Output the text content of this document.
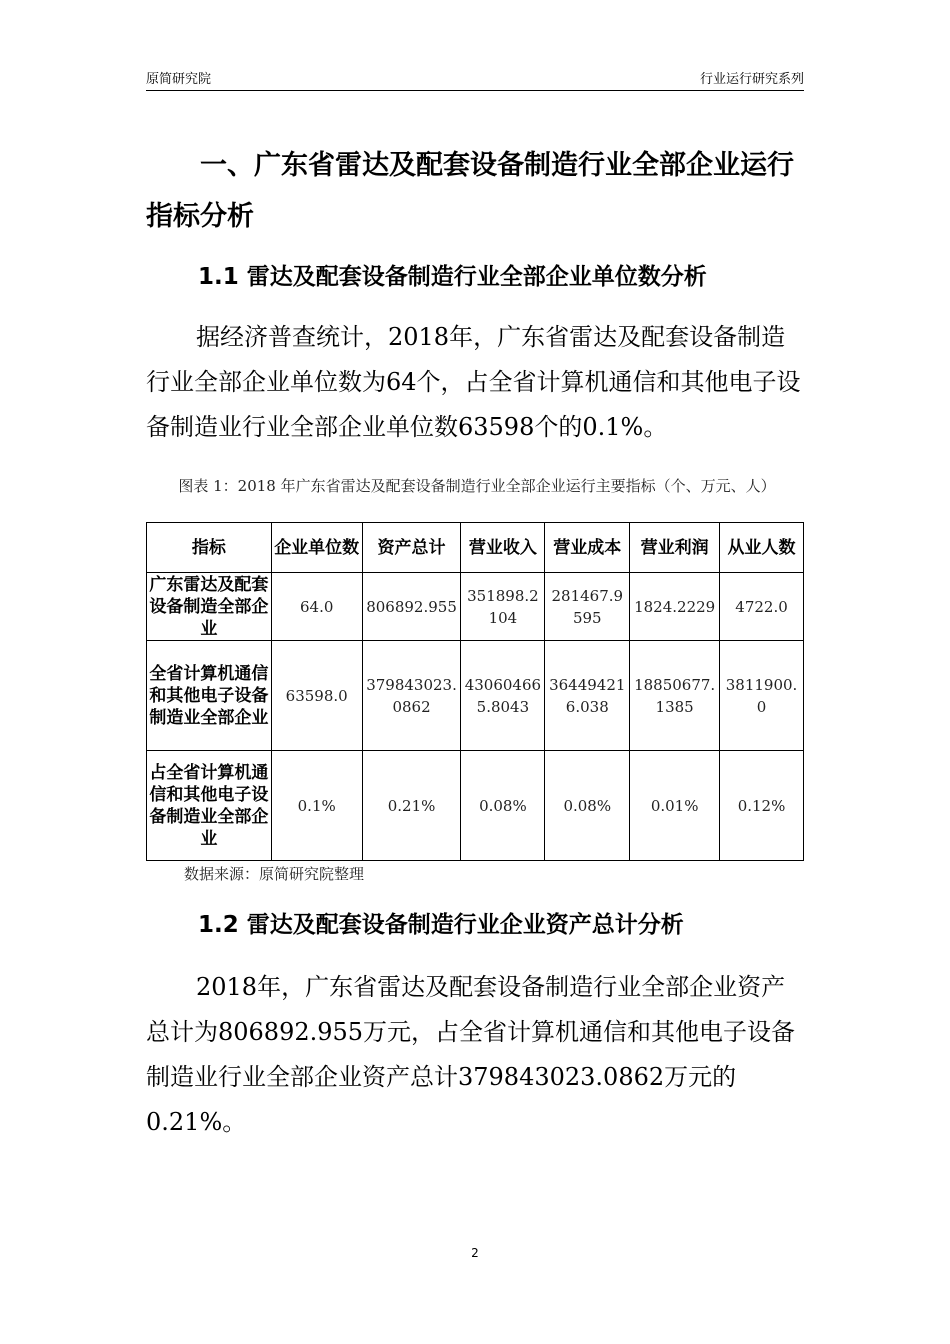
原简研究院	行业运行研究系列
一、广东省雷达及配套设备制造行业全部企业运行指标分析
1.1 雷达及配套设备制造行业全部企业单位数分析

据经济普查统计，2018年，广东省雷达及配套设备制造行业全部企业单位数为64个，占全省计算机通信和其他电子设备制造业行业全部企业单位数63598个的0.1%。

图表 1：2018 年广东省雷达及配套设备制造行业全部企业运行主要指标（个、万元、人）
指标	企业单位数	资产总计	营业收入	营业成本	营业利润	从业人数
广东雷达及配套设备制造全部企业	64.0	806892.955	351898.2104	281467.9595	1824.2229	4722.0
全省计算机通信和其他电子设备制造业全部企业	63598.0	379843023.0862	430604665.8043	364494216.038	18850677.1385	3811900.0
占全省计算机通信和其他电子设备制造业全部企业	0.1%	0.21%	0.08%	0.08%	0.01%	0.12%
数据来源：原简研究院整理
1.2 雷达及配套设备制造行业企业资产总计分析

2018年，广东省雷达及配套设备制造行业全部企业资产总计为806892.955万元，占全省计算机通信和其他电子设备制造业行业全部企业资产总计379843023.0862万元的0.21%。

2
